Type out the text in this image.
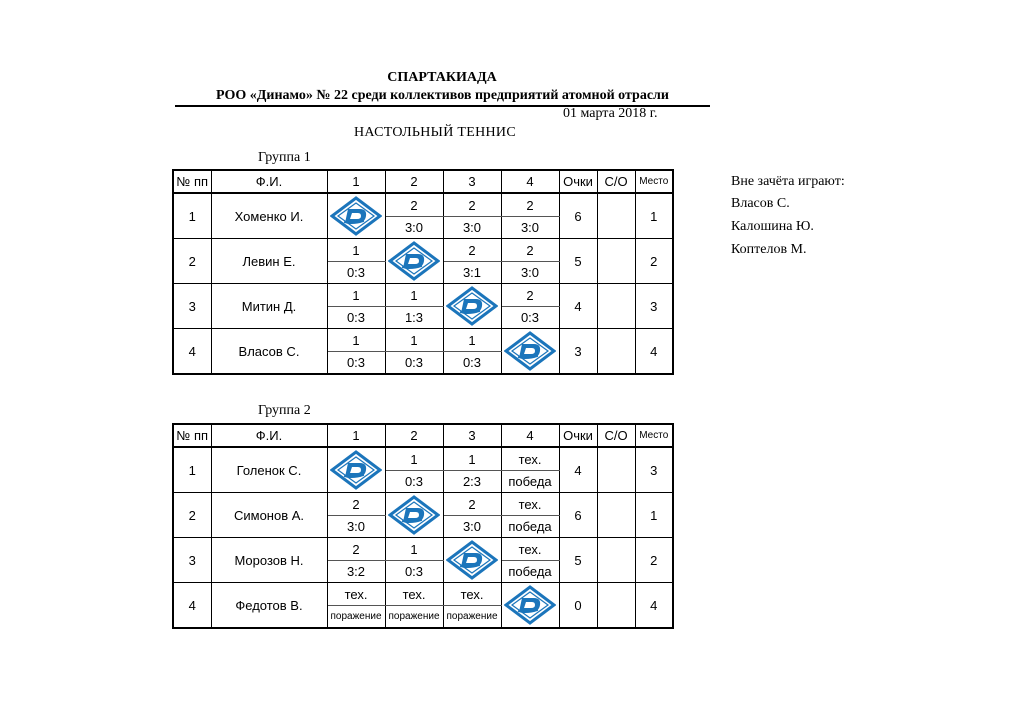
СПАРТАКИАДА
РОО «Динамо» № 22 среди коллективов предприятий атомной отрасли
01 марта 2018 г.
НАСТОЛЬНЫЙ ТЕННИС
Группа 1
Группа 2
Вне зачёта играют:
Власов С.
Калошина Ю.
Коптелов М.
№ пп	Ф.И.	1	2	3	4	Очки	С/О	Место
1	Хоменко И.		2	2	2	6		1
			3:0	3:0	3:0			
2	Левин Е.	1		2	2	5		2
		0:3		3:1	3:0			
3	Митин Д.	1	1		2	4		3
		0:3	1:3		0:3			
4	Власов С.	1	1	1		3		4
		0:3	0:3	0:3				
№ пп	Ф.И.	1	2	3	4	Очки	С/О	Место
1	Голенок С.		1	1	тех.	4		3
			0:3	2:3	победа			
2	Симонов А.	2		2	тех.	6		1
		3:0		3:0	победа			
3	Морозов Н.	2	1		тех.	5		2
		3:2	0:3		победа			
4	Федотов В.	тех.	тех.	тех.		0		4
		поражение	поражение	поражение				
